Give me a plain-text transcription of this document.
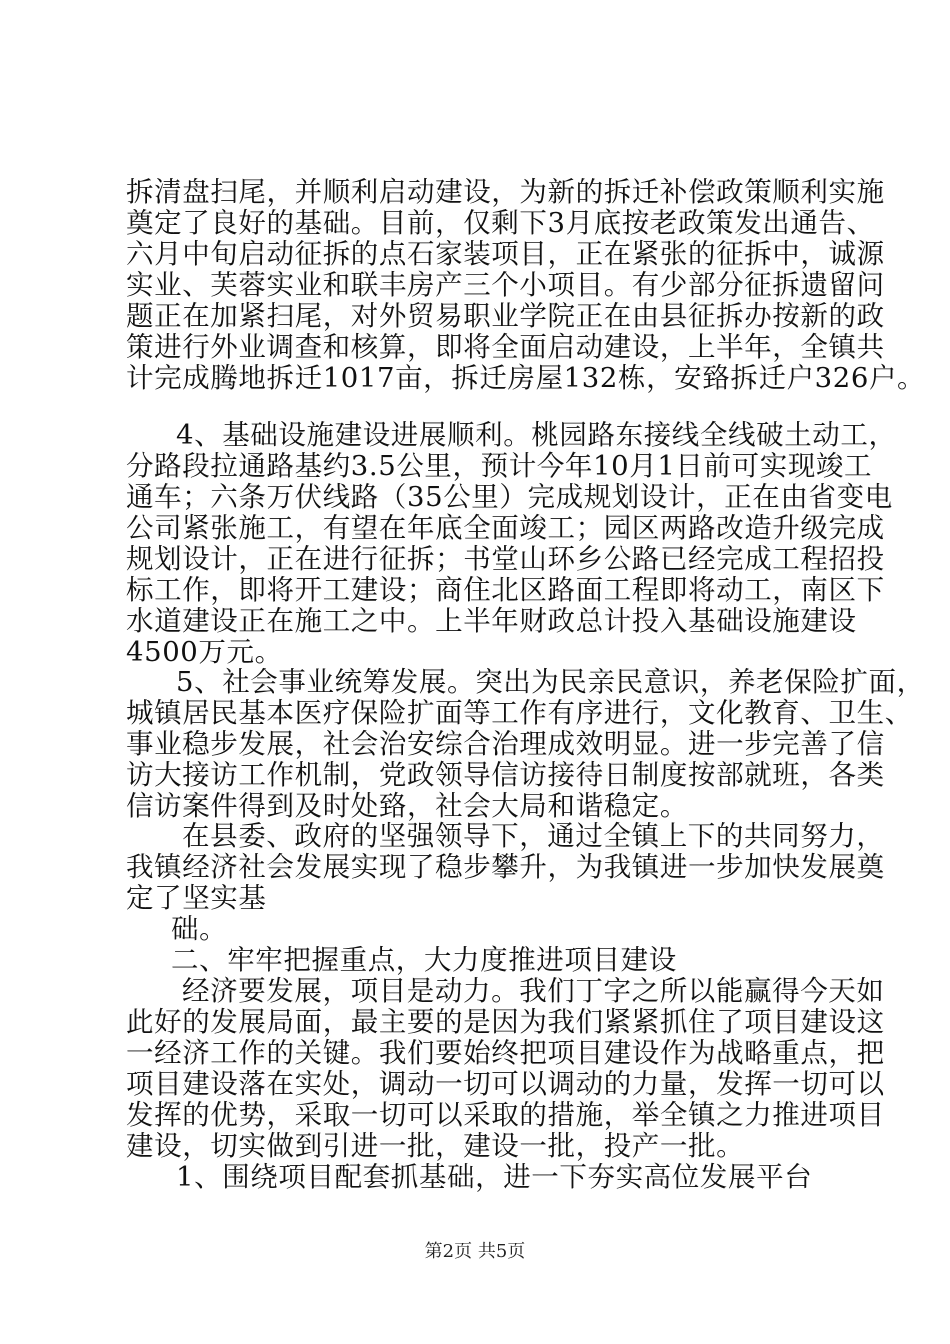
拆清盘扫尾，并顺利启动建设，为新的拆迁补偿政策顺利实施
奠定了良好的基础。目前，仅剩下3月底按老政策发出通告、
六月中旬启动征拆的点石家装项目，正在紧张的征拆中，诚源
实业、芙蓉实业和联丰房产三个小项目。有少部分征拆遗留问
题正在加紧扫尾，对外贸易职业学院正在由县征拆办按新的政
策进行外业调查和核算，即将全面启动建设，上半年，全镇共
计完成腾地拆迁1017亩，拆迁房屋132栋，安臵拆迁户326户。
4、基础设施建设进展顺利。桃园路东接线全线破土动工，
分路段拉通路基约3.5公里，预计今年10月1日前可实现竣工
通车；六条万伏线路（35公里）完成规划设计，正在由省变电
公司紧张施工，有望在年底全面竣工；园区两路改造升级完成
规划设计，正在进行征拆；书堂山环乡公路已经完成工程招投
标工作，即将开工建设；商住北区路面工程即将动工，南区下
水道建设正在施工之中。上半年财政总计投入基础设施建设
4500万元。
5、社会事业统筹发展。突出为民亲民意识，养老保险扩面，
城镇居民基本医疗保险扩面等工作有序进行，文化教育、卫生、
事业稳步发展，社会治安综合治理成效明显。进一步完善了信
访大接访工作机制，党政领导信访接待日制度按部就班，各类
信访案件得到及时处臵，社会大局和谐稳定。
在县委、政府的坚强领导下，通过全镇上下的共同努力，
我镇经济社会发展实现了稳步攀升，为我镇进一步加快发展奠
定了坚实基
础。
二、牢牢把握重点，大力度推进项目建设
经济要发展，项目是动力。我们丁字之所以能赢得今天如
此好的发展局面，最主要的是因为我们紧紧抓住了项目建设这
一经济工作的关键。我们要始终把项目建设作为战略重点，把
项目建设落在实处，调动一切可以调动的力量，发挥一切可以
发挥的优势，采取一切可以采取的措施，举全镇之力推进项目
建设，切实做到引进一批，建设一批，投产一批。
1、围绕项目配套抓基础，进一下夯实高位发展平台
第2页 共5页
